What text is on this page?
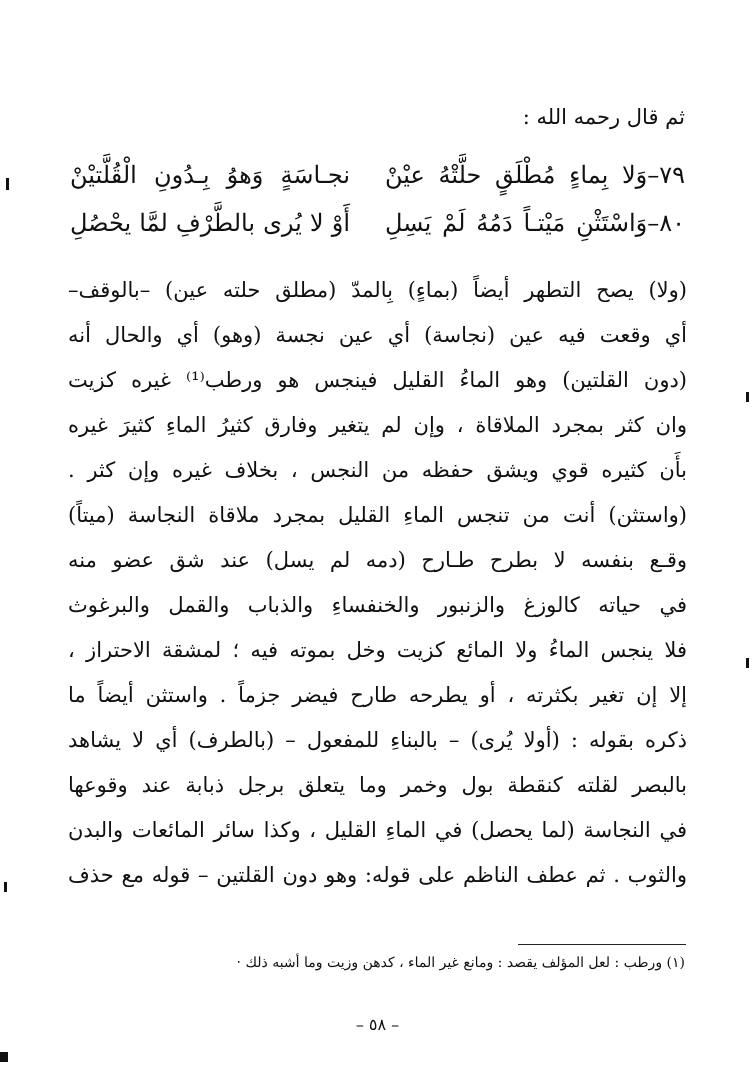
ثم قال رحمه الله :
٧٩–وَلا بِماءٍ مُطْلَقٍ حلَّتْهُ عيْنْ
نجـاسَةٍ وَهوُ بِـدُونِ الْقُلَّتيْنْ
٨٠–وَاسْتَثْنِ مَيْتـاً دَمُهُ لَمْ يَسِلِ
أَوْ لا يُرى بالطَّرْفِ لمَّا يحْصُلِ
(ولا) يصح التطهر أيضاً (بماءٍ) بِالمدّ (مطلق حلته عين) –بالوقف–
أي وقعت فيه عين (نجاسة) أي عين نجسة (وهو) أي والحال أنه
(دون القلتين) وهو الماءُ القليل فينجس هو ورطب⁽¹⁾ غيره كزيت
وان كثر بمجرد الملاقاة ، وإن لم يتغير وفارق كثيرُ الماءِ كثيرَ غيره
بأَن كثيره قوي ويشق حفظه من النجس ، بخلاف غيره وإن كثر .
(واستثن) أنت من تنجس الماءِ القليل بمجرد ملاقاة النجاسة (ميتاً)
وقـع بنفسه لا بطرح طـارح (دمه لم يسل) عند شق عضو منه
في حياته كالوزغ والزنبور والخنفساءِ والذباب والقمل والبرغوث
فلا ينجس الماءُ ولا المائع كزيت وخل بموته فيه ؛ لمشقة الاحتراز ،
إلا إن تغير بكثرته ، أو يطرحه طارح فيضر جزماً . واستثن أيضاً ما
ذكره بقوله : (أولا يُرى) – بالبناءِ للمفعول – (بالطرف) أي لا يشاهد
بالبصر لقلته كنقطة بول وخمر وما يتعلق برجل ذبابة عند وقوعها
في النجاسة (لما يحصل) في الماءِ القليل ، وكذا سائر المائعات والبدن
والثوب . ثم عطف الناظم على قوله: وهو دون القلتين – قوله مع حذف
(١) ورطب : لعل المؤلف يقصد : ومانع غير الماء ، كدهن وزيت وما أشبه ذلك ‧
– ٥٨ –
